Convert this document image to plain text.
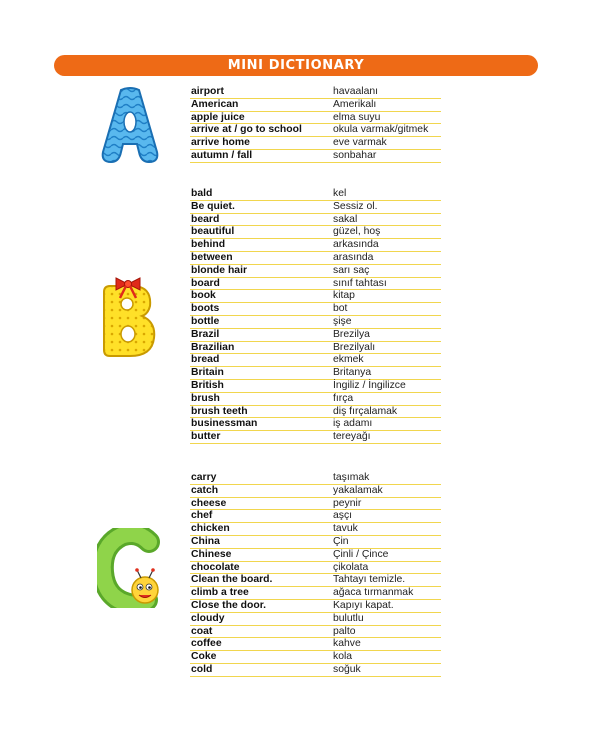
MINI DICTIONARY
airport	havaalanı
American	Amerikalı
apple juice	elma suyu
arrive at / go to school	okula varmak/gitmek
arrive home	eve varmak
autumn / fall	sonbahar
bald	kel
Be quiet.	Sessiz ol.
beard	sakal
beautiful	güzel, hoş
behind	arkasında
between	arasında
blonde hair	sarı saç
board	sınıf tahtası
book	kitap
boots	bot
bottle	şişe
Brazil	Brezilya
Brazilian	Brezilyalı
bread	ekmek
Britain	Britanya
British	İngiliz / İngilizce
brush	fırça
brush teeth	diş fırçalamak
businessman	iş adamı
butter	tereyağı
carry	taşımak
catch	yakalamak
cheese	peynir
chef	aşçı
chicken	tavuk
China	Çin
Chinese	Çinli / Çince
chocolate	çikolata
Clean the board.	Tahtayı temizle.
climb a tree	ağaca tırmanmak
Close the door.	Kapıyı kapat.
cloudy	bulutlu
coat	palto
coffee	kahve
Coke	kola
cold	soğuk
